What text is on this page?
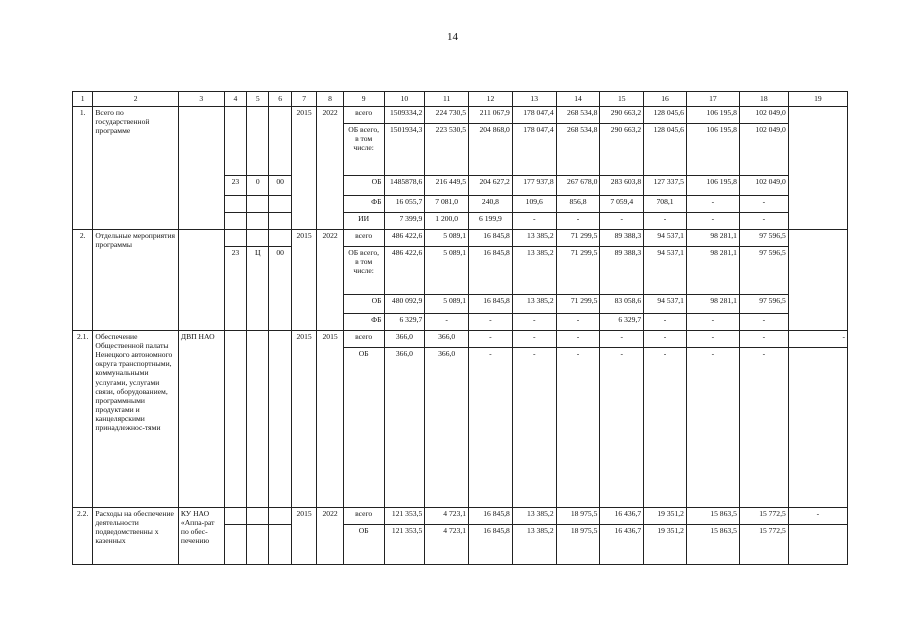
14
1	2	3	4	5	6	7	8	9	10	11	12	13	14	15	16	17	18	19
1.	Всего по государственной программе					2015	2022	всего	1509334,2	224 730,5	211 067,9	178 047,4	268 534,8	290 663,2	128 045,6	106 195,8	102 049,0	
								ОБ всего, в том числе:	1501934,3	223 530,5	204 868,0	178 047,4	268 534,8	290 663,2	128 045,6	106 195,8	102 049,0	
			23	0	00			ОБ	1485878,6	216 449,5	204 627,2	177 937,8	267 678,0	283 603,8	127 337,5	106 195,8	102 049,0	
								ФБ	16 055,7	7 081,0	240,8	109,6	856,8	7 059,4	708,1	-	-	
								ИИ	7 399,9	1 200,0	6 199,9	-	-	-	-	-	-	
2.	Отдельные мероприятия программы					2015	2022	всего	486 422,6	5 089,1	16 845,8	13 385,2	71 299,5	89 388,3	94 537,1	98 281,1	97 596,5	
			23	Ц	00			ОБ всего, в том числе:	486 422,6	5 089,1	16 845,8	13 385,2	71 299,5	89 388,3	94 537,1	98 281,1	97 596,5	
								ОБ	480 092,9	5 089,1	16 845,8	13 385,2	71 299,5	83 058,6	94 537,1	98 281,1	97 596,5	
								ФБ	6 329,7	-	-	-	-	6 329,7	-	-	-	
2.1.	Обеспечение Общественной палаты Ненецкого автономного округа транспортными, коммунальными услугами, услугами связи, оборудованием, программными продуктами и канцелярскими принадлежнос-тями	ДВП НАО				2015	2015	всего	366,0	366,0	-	-	-	-	-	-	-	-
								ОБ	366,0	366,0	-	-	-	-	-	-	-	
2.2.	Расходы на обеспечение деятельности подведомственны х казенных	КУ НАО «Аппа-рат по обес-печению				2015	2022	всего	121 353,5	4 723,1	16 845,8	13 385,2	18 975,5	16 436,7	19 351,2	15 863,5	15 772,5	-
								ОБ	121 353,5	4 723,1	16 845,8	13 385,2	18 975,5	16 436,7	19 351,2	15 863,5	15 772,5	
